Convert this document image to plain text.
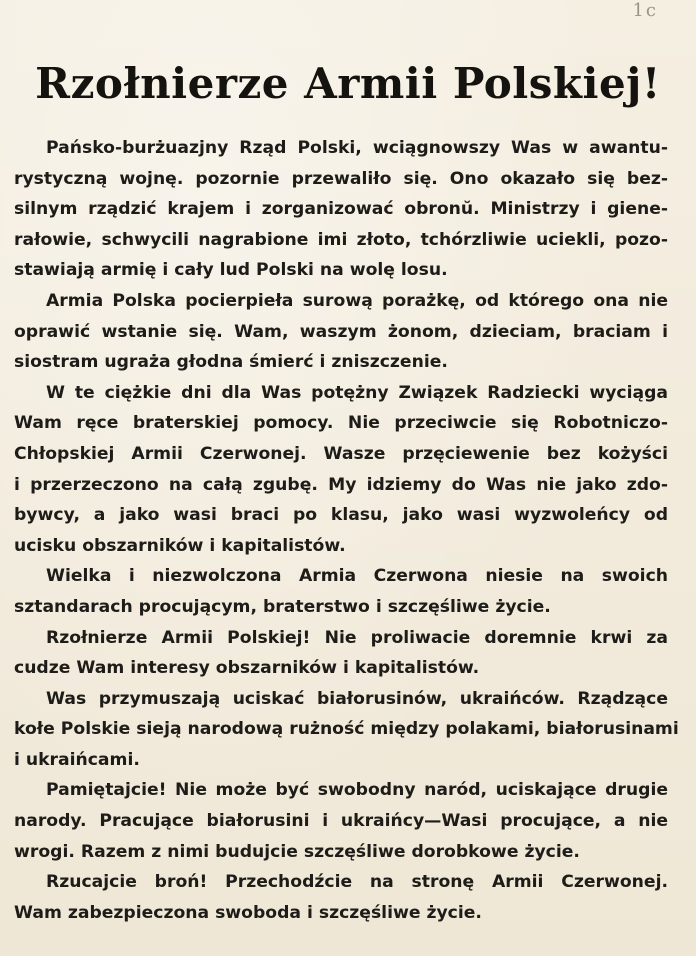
1c
Rzołnierze Armii Polskiej!
Pańsko-burżuazjny Rząd Polski, wciągnowszy Was w awantu-
rystyczną wojnę. pozornie przewaliło się. Ono okazało się bez-
silnym rządzić krajem i zorganizować obronŭ. Ministrzy i giene-
rałowie, schwycili nagrabione imi złoto, tchórzliwie uciekli, pozo-
stawiają armię i cały lud Polski na wolę losu.
Armia Polska pocierpieła surową porażkę, od którego ona nie
oprawić wstanie się. Wam, waszym żonom, dzieciam, braciam i
siostram ugraża głodna śmierć i zniszczenie.
W te ciężkie dni dla Was potężny Związek Radziecki wyciąga
Wam ręce braterskiej pomocy. Nie przeciwcie się Robotniczo-
Chłopskiej Armii Czerwonej. Wasze przęciewenie bez kożyści
i przerzeczono na całą zgubę. My idziemy do Was nie jako zdo-
bywcy, a jako wasi braci po klasu, jako wasi wyzwoleńcy od
ucisku obszarników i kapitalistów.
Wielka i niezwolczona Armia Czerwona niesie na swoich
sztandarach procującym, braterstwo i szczęśliwe życie.
Rzołnierze Armii Polskiej! Nie proliwacie doremnie krwi za
cudze Wam interesy obszarników i kapitalistów.
Was przymuszają uciskać białorusinów, ukraińców. Rządzące
kołe Polskie sieją narodową rużność między polakami, białorusinami
i ukraińcami.
Pamiętajcie! Nie może być swobodny naród, uciskające drugie
narody. Pracujące białorusini i ukraińcy—Wasi procujące, a nie
wrogi. Razem z nimi budujcie szczęśliwe dorobkowe życie.
Rzucajcie broń! Przechodźcie na stronę Armii Czerwonej.
Wam zabezpieczona swoboda i szczęśliwe życie.
